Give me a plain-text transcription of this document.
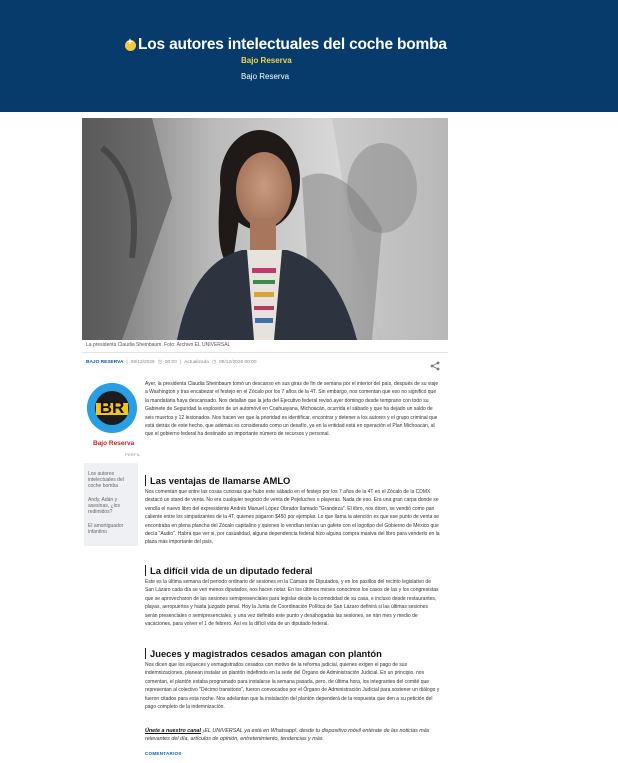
+
Los autores intelectuales del coche bomba
Bajo Reserva
Bajo Reserva
La presidenta Claudia Sheinbaum. Foto: Archivo EL UNIVERSAL
BAJO RESERVA | 08/12/2026 ◷ 00:00 | Actualizada ◷ 08/12/2026 00:00
BR
Bajo Reserva
PERFIL
Los autores intelectuales del coche bomba
Andy, Adán y asesinas, ¿los redimidos?
El amortiguador infantino
Ayer, la presidenta Claudia Sheinbaum tomó un descanso en sus giras de fin de semana por el interior del país, después de su viaje a Washington y tras encabezar el festejo en el Zócalo por los 7 años de la 4T. Sin embargo, nos comentan que eso no significó que la mandataria haya descansado. Nos detallan que la jefa del Ejecutivo federal revisó ayer domingo desde temprano con todo su Gabinete de Seguridad la explosión de un automóvil en Coahuayana, Michoacán, ocurrida el sábado y que ha dejado un saldo de seis muertos y 12 lesionados. Nos hacen ver que la prioridad es identificar, encontrar y detener a los autores y el grupo criminal que está detrás de este hecho, que además es considerado como un desafío, ya en la entidad está en operación el Plan Michoacán, al que el gobierno federal ha destinado un importante número de recursos y personal.
Las ventajas de llamarse AMLO
Nos comentan que entre las cosas curiosas que hubo este sábado en el festejo por los 7 años de la 4T en el Zócalo de la CDMX destacó un stand de venta. No era cualquier negocio de venta de Pejeluches o playeras. Nada de eso. Era una gran carpa donde se vendía el nuevo libro del expresidente Andrés Manuel López Obrador llamado "Grandeza". El libro, nos dicen, se vendió como pan caliente entre los simpatizantes de la 4T, quienes pagaron $450 por ejemplar. Lo que llama la atención es que ese punto de venta se encontraba en plena plancha del Zócalo capitalino y quienes lo vendían tenían un gafete con el logotipo del Gobierno de México que decía "Audio". Habrá que ver si, por casualidad, alguna dependencia federal hizo alguna compra masiva del libro para venderlo en la plaza más importante del país.
La difícil vida de un diputado federal
Este es la última semana del periodo ordinario de sesiones en la Cámara de Diputados, y en los pasillos del recinto legislativo de San Lázaro cada día se ven menos diputados, nos hacen notar. En los últimos meses conocimos los casos de las y los congresistas que se aprovecharon de las sesiones semipresenciales para legislar desde la comodidad de su casa, e incluso desde restaurantes, playas, aeropuertos y hasta juzgado penal. Hoy la Junta de Coordinación Política de San Lázaro definirá si las últimas sesiones serán presenciales o semipresenciales, y una vez definido este punto y desahogadas las sesiones, se irán mes y medio de vacaciones, para volver el 1 de febrero. Así es la difícil vida de un diputado federal.
Jueces y magistrados cesados amagan con plantón
Nos dicen que los exjueces y exmagistrados cesados con motivo de la reforma judicial, quienes exigen el pago de sus indemnizaciones, planean instalar un plantón indefinido en la sede del Órgano de Administración Judicial. En un principio, nos comentan, el plantón estaba programado para instalarse la semana pasada, pero, de última hora, los integrantes del comité que representan al colectivo "Décimo transitorio", fueron convocados por el Órgano de Administración Judicial para sostener un diálogo y fueron citados para esta noche. Nos adelantan que la instalación del plantón dependerá de la respuesta que den a su petición del pago completo de la indemnización.
Únete a nuestro canal ¡EL UNIVERSAL ya está en Whatsapp!, desde tu dispositivo móvil entérate de las noticias más relevantes del día, artículos de opinión, entretenimiento, tendencias y más.
COMENTARIOS
